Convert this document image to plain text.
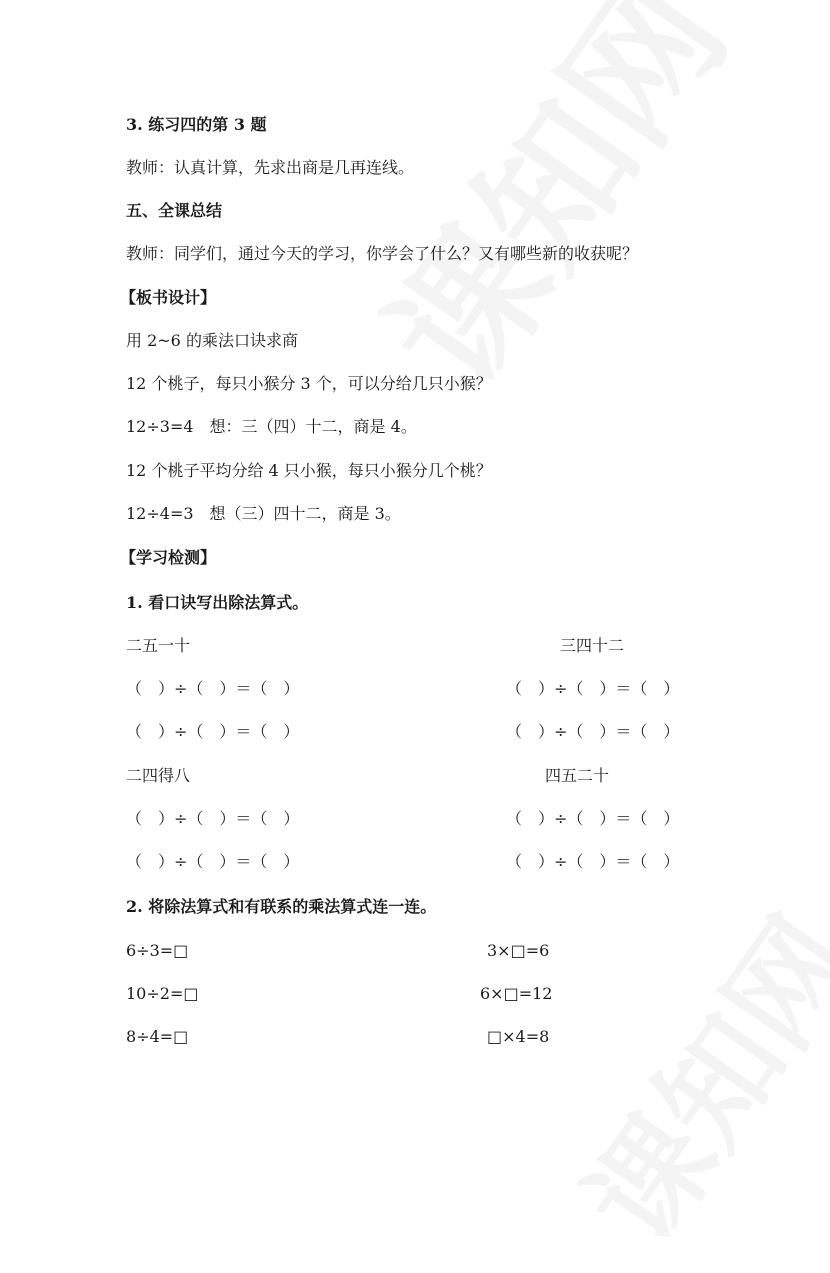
3. 练习四的第 3 题
教师：认真计算，先求出商是几再连线。
五、全课总结
教师：同学们，通过今天的学习，你学会了什么？又有哪些新的收获呢？
【板书设计】
用 2~6 的乘法口诀求商
12 个桃子，每只小猴分 3 个，可以分给几只小猴？
12÷3=4　想：三（四）十二，商是 4。
12 个桃子平均分给 4 只小猴，每只小猴分几个桃？
12÷4=3　想（三）四十二，商是 3。
【学习检测】
1. 看口诀写出除法算式。
二五一十	三四十二
（　）÷（　）＝（　）	（　）÷（　）＝（　）
（　）÷（　）＝（　）	（　）÷（　）＝（　）
二四得八	四五二十
（　）÷（　）＝（　）	（　）÷（　）＝（　）
（　）÷（　）＝（　）	（　）÷（　）＝（　）
2. 将除法算式和有联系的乘法算式连一连。
6÷3=□	3×□=6
10÷2=□	6×□=12
8÷4=□	□×4=8
